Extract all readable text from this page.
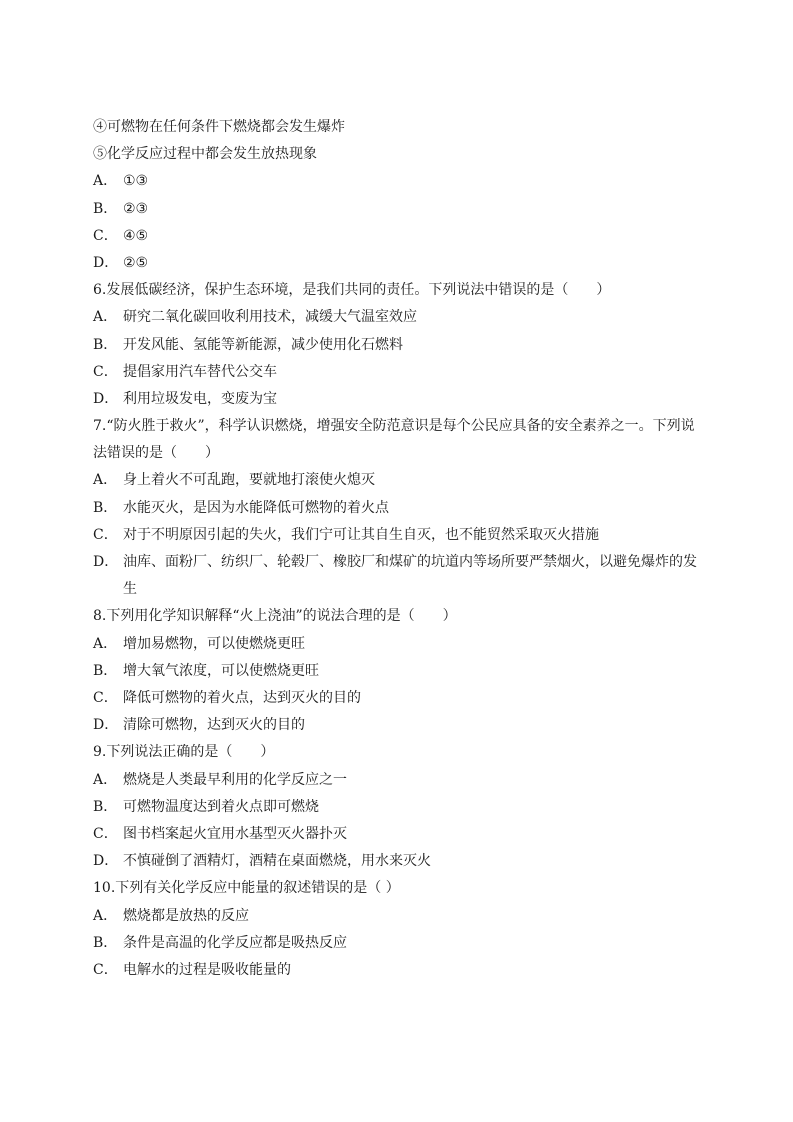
④可燃物在任何条件下燃烧都会发生爆炸
⑤化学反应过程中都会发生放热现象
A． ①③
B． ②③
C． ④⑤
D． ②⑤
6.发展低碳经济，保护生态环境，是我们共同的责任。下列说法中错误的是（　　）
A． 研究二氧化碳回收利用技术，减缓大气温室效应
B． 开发风能、氢能等新能源，减少使用化石燃料
C． 提倡家用汽车替代公交车
D． 利用垃圾发电，变废为宝
7.“防火胜于救火”，科学认识燃烧，增强安全防范意识是每个公民应具备的安全素养之一。下列说法错误的是（　　）
A． 身上着火不可乱跑，要就地打滚使火熄灭
B． 水能灭火，是因为水能降低可燃物的着火点
C． 对于不明原因引起的失火，我们宁可让其自生自灭，也不能贸然采取灭火措施
D． 油库、面粉厂、纺织厂、轮毂厂、橡胶厂和煤矿的坑道内等场所要严禁烟火，以避免爆炸的发生
8.下列用化学知识解释“火上浇油”的说法合理的是（　　）
A． 增加易燃物，可以使燃烧更旺
B． 增大氧气浓度，可以使燃烧更旺
C． 降低可燃物的着火点，达到灭火的目的
D． 清除可燃物，达到灭火的目的
9.下列说法正确的是（　　）
A． 燃烧是人类最早利用的化学反应之一
B． 可燃物温度达到着火点即可燃烧
C． 图书档案起火宜用水基型灭火器扑灭
D． 不慎碰倒了酒精灯，酒精在桌面燃烧，用水来灭火
10.下列有关化学反应中能量的叙述错误的是（ ）
A． 燃烧都是放热的反应
B． 条件是高温的化学反应都是吸热反应
C． 电解水的过程是吸收能量的
